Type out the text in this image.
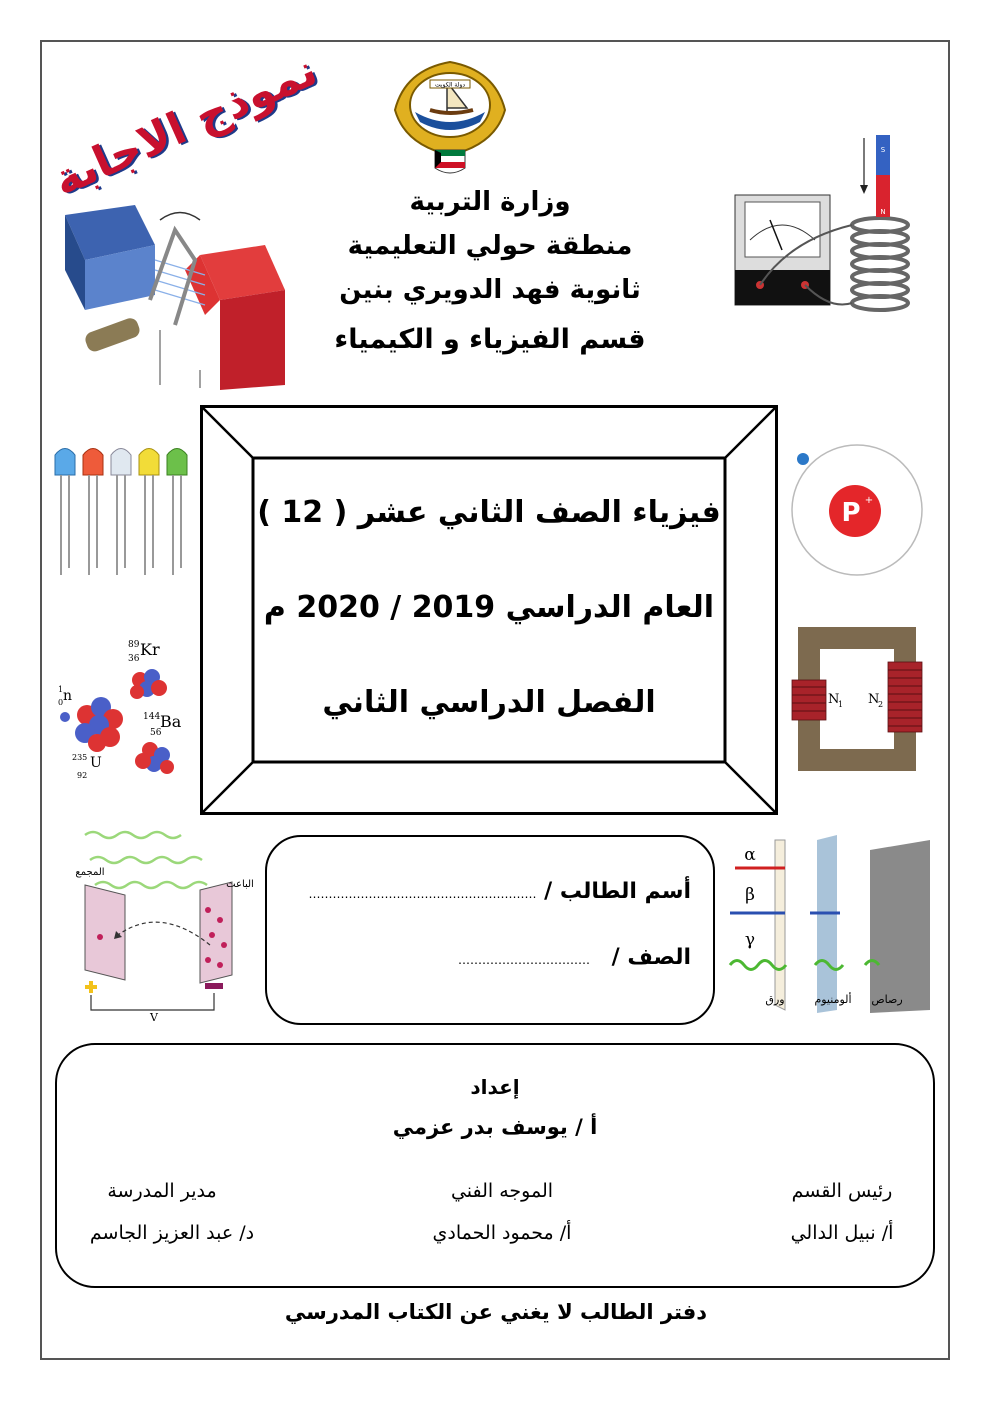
نموذج الاجابة	دولة الكويت
وزارة التربية
منطقة حولي التعليمية
ثانوية فهد الدويري بنين
قسم الفيزياء و الكيمياء
S
N
فيزياء الصف الثاني عشر ( 12 )
العام الدراسي 2019 / 2020 م
الفصل الدراسي الثاني
P +
Kr
89
36
n
1
0
Ba
144
56
U
235
92
N
1 N
2
المجمع
الباعث
V
α
β
γ
ورق	ألومنيوم رصاص
أسم الطالب / …………………………………………………
الصف / ……………………………
إعداد
أ / يوسف بدر عزمي
رئيس القسم
أ/ نبيل الدالي
الموجه الفني
أ/ محمود الحمادي
مدير المدرسة
د/ عبد العزيز الجاسم
دفتر الطالب لا يغني عن الكتاب المدرسي
